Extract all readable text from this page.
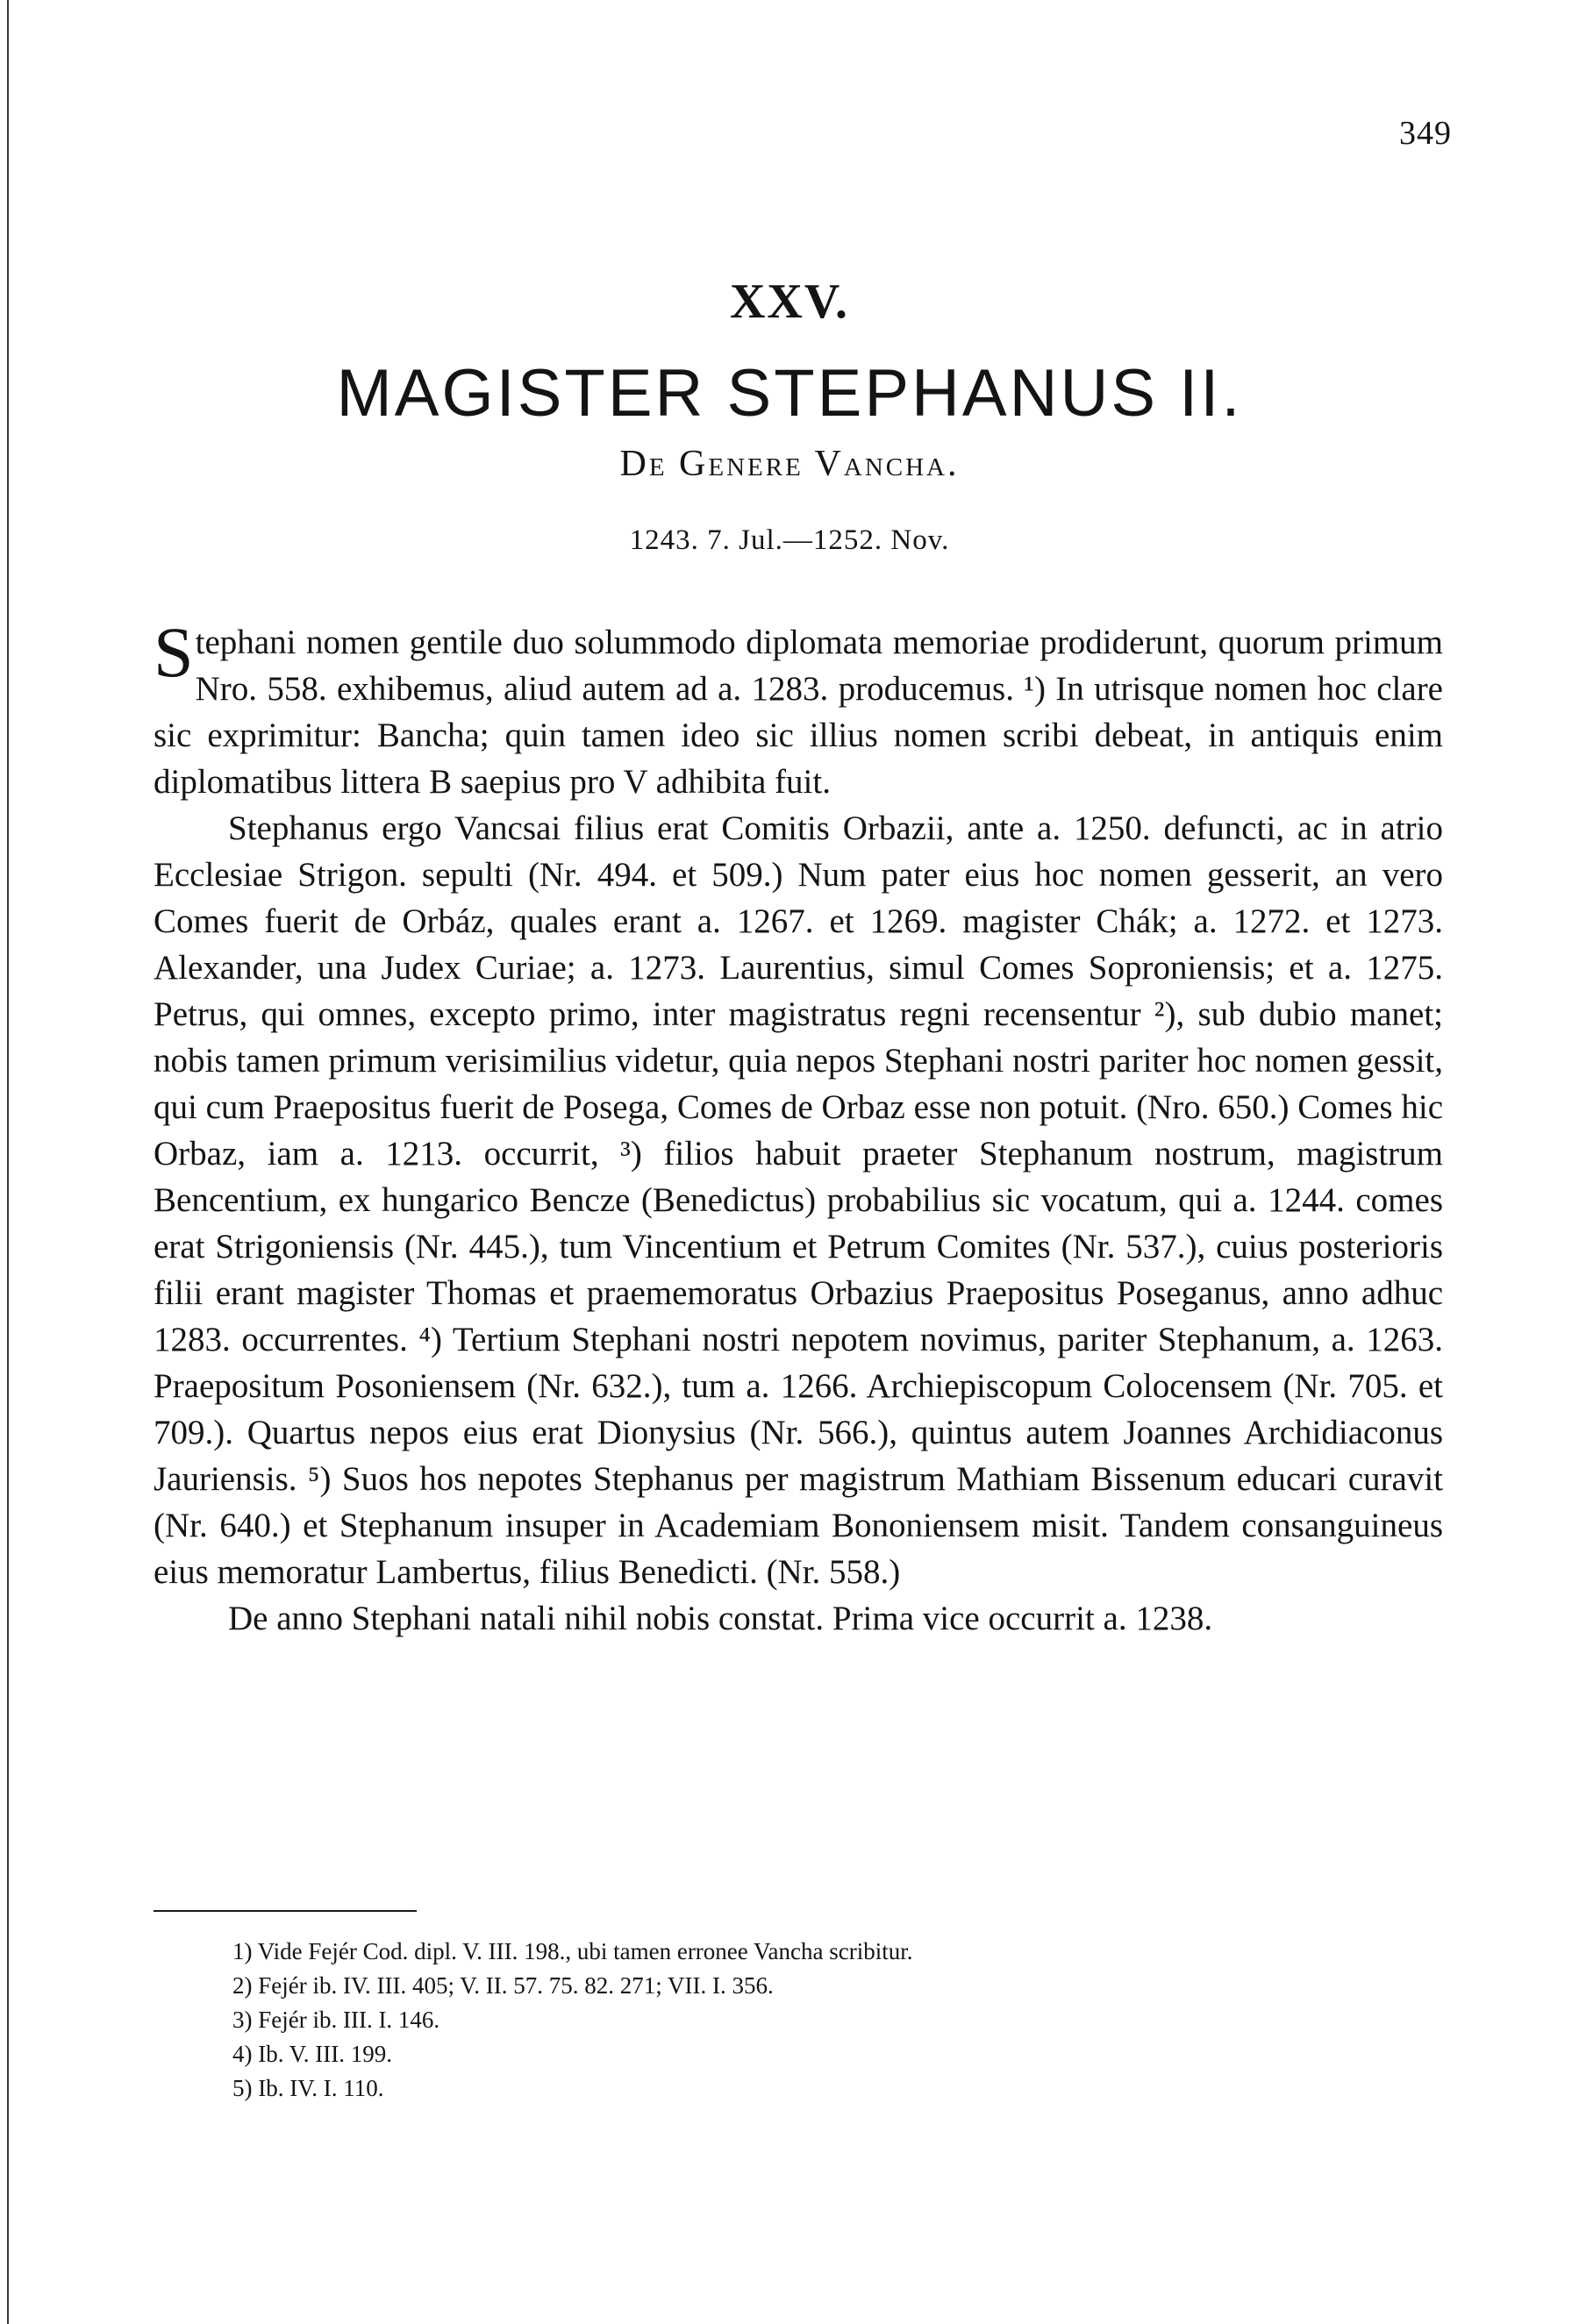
349
XXV.
MAGISTER STEPHANUS II.
De Genere Vancha.
1243. 7. Jul.—1252. Nov.

Stephani nomen gentile duo solummodo diplomata memoriae prodiderunt, quorum primum Nro. 558. exhibemus, aliud autem ad a. 1283. producemus. ¹) In utrisque nomen hoc clare sic exprimitur: Bancha; quin tamen ideo sic illius nomen scribi debeat, in antiquis enim diplomatibus littera B saepius pro V adhibita fuit.

Stephanus ergo Vancsai filius erat Comitis Orbazii, ante a. 1250. defuncti, ac in atrio Ecclesiae Strigon. sepulti (Nr. 494. et 509.) Num pater eius hoc nomen gesserit, an vero Comes fuerit de Orbáz, quales erant a. 1267. et 1269. magister Chák; a. 1272. et 1273. Alexander, una Judex Curiae; a. 1273. Laurentius, simul Comes Soproniensis; et a. 1275. Petrus, qui omnes, excepto primo, inter magistratus regni recensentur ²), sub dubio manet; nobis tamen primum verisimilius videtur, quia nepos Stephani nostri pariter hoc nomen gessit, qui cum Praepositus fuerit de Posega, Comes de Orbaz esse non potuit. (Nro. 650.) Comes hic Orbaz, iam a. 1213. occurrit, ³) filios habuit praeter Stephanum nostrum, magistrum Bencentium, ex hungarico Bencze (Benedictus) probabilius sic vocatum, qui a. 1244. comes erat Strigoniensis (Nr. 445.), tum Vincentium et Petrum Comites (Nr. 537.), cuius posterioris filii erant magister Thomas et praememoratus Orbazius Praepositus Poseganus, anno adhuc 1283. occurrentes. ⁴) Tertium Stephani nostri nepotem novimus, pariter Stephanum, a. 1263. Praepositum Posoniensem (Nr. 632.), tum a. 1266. Archiepiscopum Colocensem (Nr. 705. et 709.). Quartus nepos eius erat Dionysius (Nr. 566.), quintus autem Joannes Archidiaconus Jauriensis. ⁵) Suos hos nepotes Stephanus per magistrum Mathiam Bissenum educari curavit (Nr. 640.) et Stephanum insuper in Academiam Bononiensem misit. Tandem consanguineus eius memoratur Lambertus, filius Benedicti. (Nr. 558.)

De anno Stephani natali nihil nobis constat. Prima vice occurrit a. 1238.

1) Vide Fejér Cod. dipl. V. III. 198., ubi tamen erronee Vancha scribitur.
2) Fejér ib. IV. III. 405; V. II. 57. 75. 82. 271; VII. I. 356.
3) Fejér ib. III. I. 146.
4) Ib. V. III. 199.
5) Ib. IV. I. 110.
